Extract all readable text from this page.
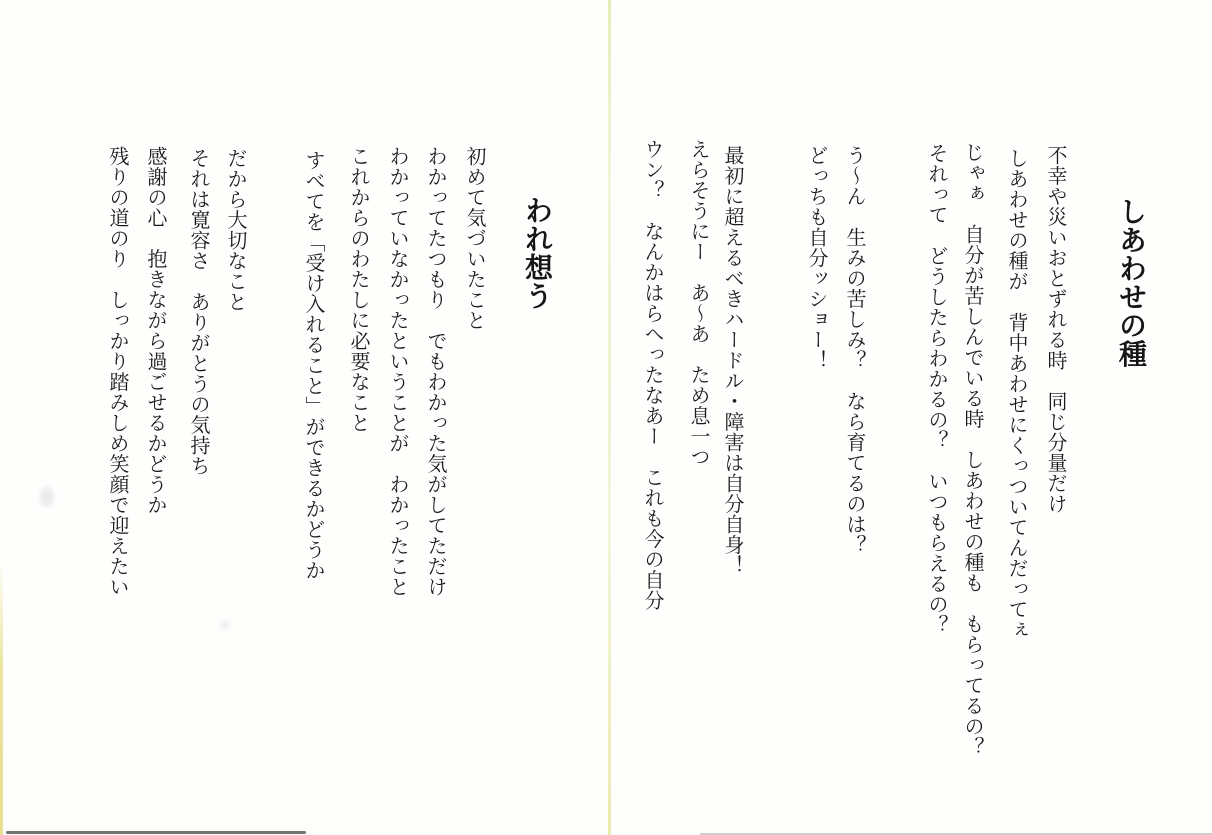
しあわせの種
不幸や災いおとずれる時　同じ分量だけ
しあわせの種が　背中あわせにくっついてんだってぇ
じゃぁ　自分が苦しんでいる時　しあわせの種も　もらってるの？
それって　どうしたらわかるの？　いつもらえるの？
う～ん　生みの苦しみ？　なら育てるのは？
どっちも自分ッショー！
最初に超えるべきハードル・障害は自分自身！
えらそうにー　あ～あ　ため息一つ
ウン？　なんかはらへったなあー　これも今の自分
われ想う
初めて気づいたこと
わかってたつもり　でもわかった気がしてただけ
わかっていなかったということが　わかったこと
これからのわたしに必要なこと
すべてを「受け入れること」ができるかどうか
だから大切なこと
それは寛容さ　ありがとうの気持ち
感謝の心　抱きながら過ごせるかどうか
残りの道のり　しっかり踏みしめ笑顔で迎えたい
